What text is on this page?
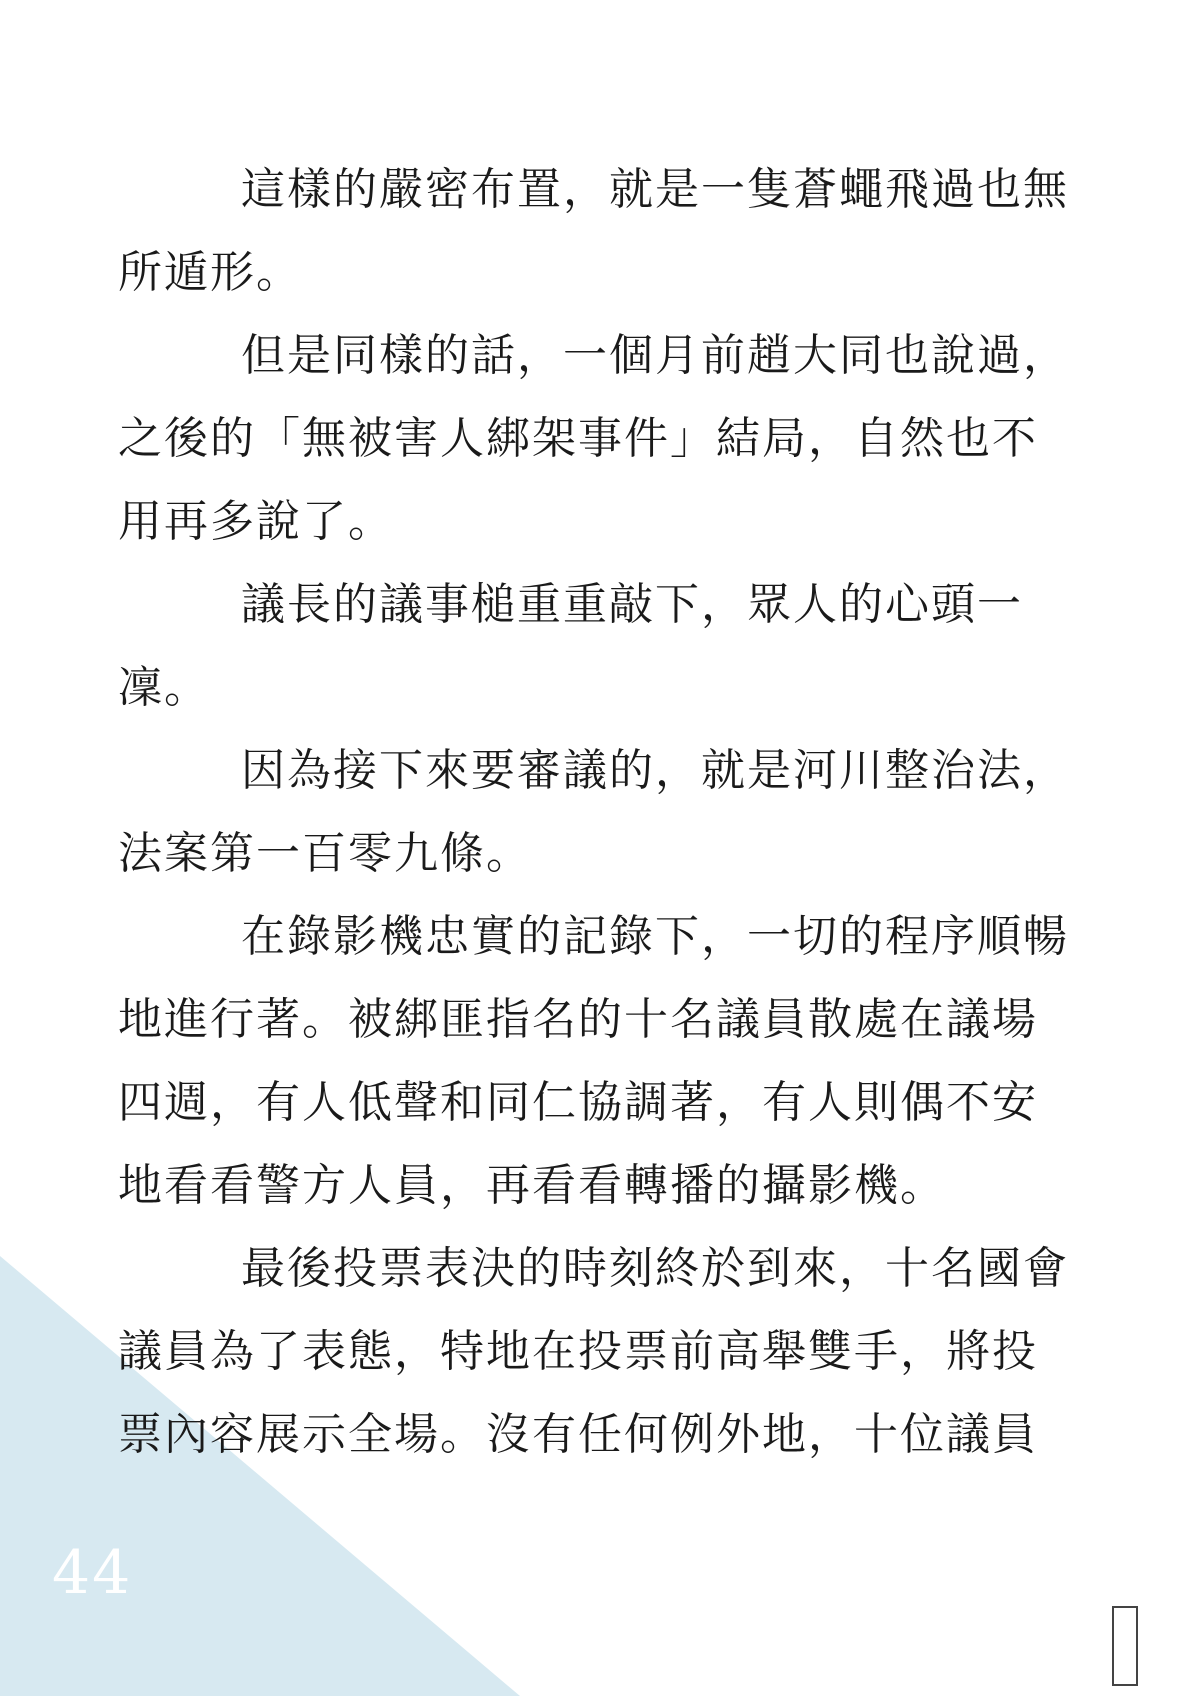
這樣的嚴密布置，就是一隻蒼蠅飛過也無
所遁形。

但是同樣的話，一個月前趙大同也說過，
之後的「無被害人綁架事件」結局，自然也不
用再多說了。

議長的議事槌重重敲下，眾人的心頭一
凜。

因為接下來要審議的，就是河川整治法，
法案第一百零九條。

在錄影機忠實的記錄下，一切的程序順暢
地進行著。被綁匪指名的十名議員散處在議場
四週，有人低聲和同仁協調著，有人則偶不安
地看看警方人員，再看看轉播的攝影機。

最後投票表決的時刻終於到來，十名國會
議員為了表態，特地在投票前高舉雙手，將投
票內容展示全場。沒有任何例外地，十位議員

44
